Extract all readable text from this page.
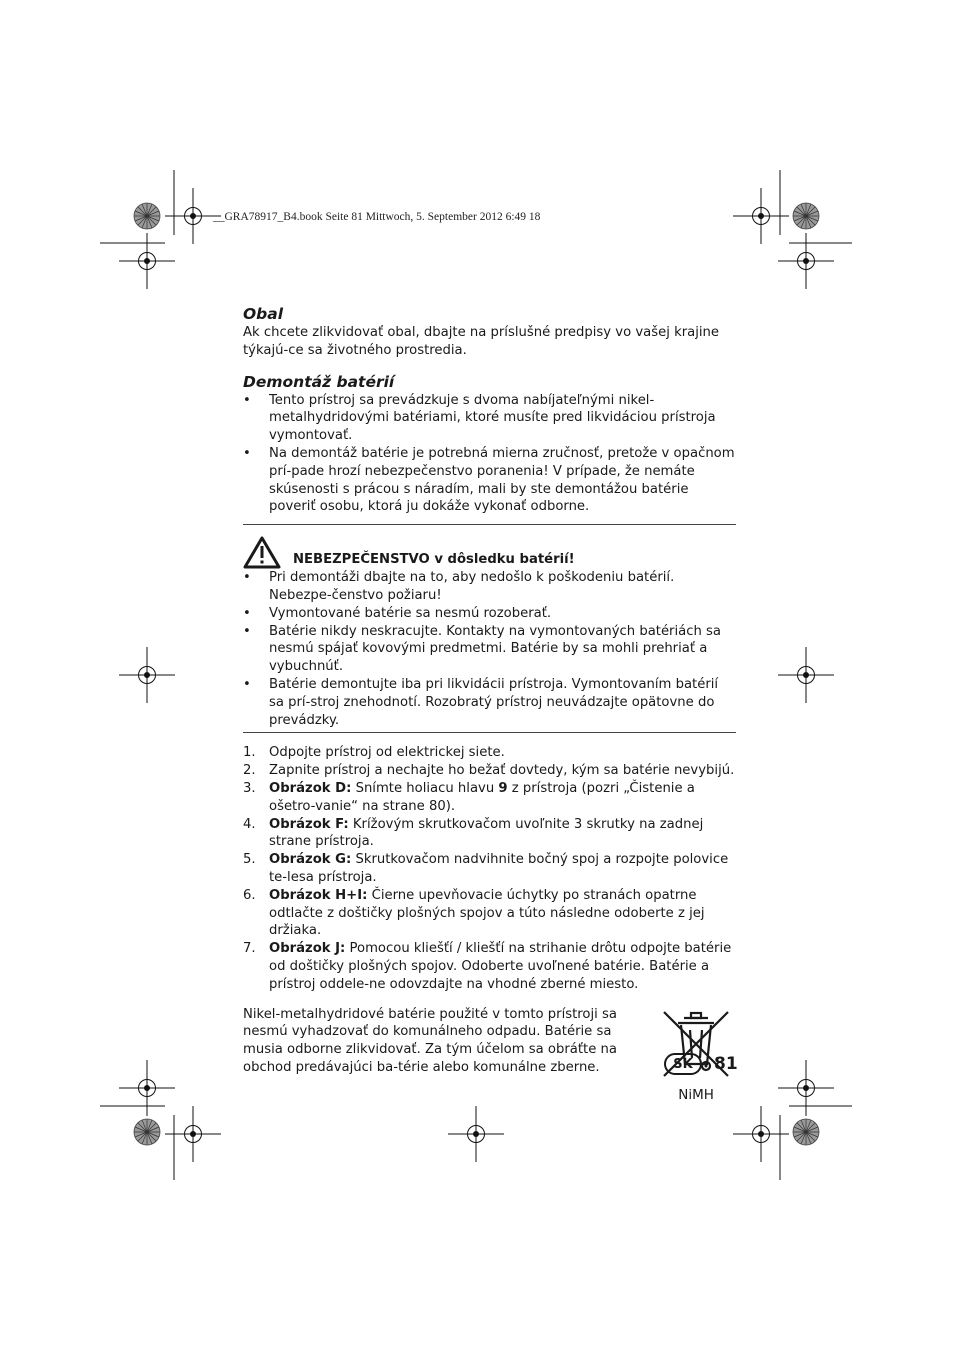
__GRA78917_B4.book Seite 81 Mittwoch, 5. September 2012 6:49 18
Obal

Ak chcete zlikvidovať obal, dbajte na príslušné predpisy vo vašej krajine týkajú-ce sa životného prostredia.

Demontáž batérií
• Tento prístroj sa prevádzkuje s dvoma nabíjateľnými nikel-metalhydridovými batériami, ktoré musíte pred likvidáciou prístroja vymontovať.
• Na demontáž batérie je potrebná mierna zručnosť, pretože v opačnom prí-pade hrozí nebezpečenstvo poranenia! V prípade, že nemáte skúsenosti s prácou s náradím, mali by ste demontážou batérie poveriť osobu, ktorá ju dokáže vykonať odborne.
NEBEZPEČENSTVO v dôsledku batérií!
• Pri demontáži dbajte na to, aby nedošlo k poškodeniu batérií. Nebezpe-čenstvo požiaru!
• Vymontované batérie sa nesmú rozoberať.
• Batérie nikdy neskracujte. Kontakty na vymontovaných batériách sa nesmú spájať kovovými predmetmi. Batérie by sa mohli prehriať a vybuchnúť.
• Batérie demontujte iba pri likvidácii prístroja. Vymontovaním batérií sa prí-stroj znehodnotí. Rozobratý prístroj neuvádzajte opätovne do prevádzky.
1. Odpojte prístroj od elektrickej siete.
2. Zapnite prístroj a nechajte ho bežať dovtedy, kým sa batérie nevybijú.
3. Obrázok D: Snímte holiacu hlavu 9 z prístroja (pozri „Čistenie a ošetro-vanie“ na strane 80).
4. Obrázok F: Krížovým skrutkovačom uvoľnite 3 skrutky na zadnej strane prístroja.
5. Obrázok G: Skrutkovačom nadvihnite bočný spoj a rozpojte polovice te-lesa prístroja.
6. Obrázok H+I: Čierne upevňovacie úchytky po stranách opatrne odtlačte z doštičky plošných spojov a túto následne odoberte z jej držiaka.
7. Obrázok J: Pomocou kliešťí / kliešťí na strihanie drôtu odpojte batérie od doštičky plošných spojov. Odoberte uvoľnené batérie. Batérie a prístroj oddele-ne odovzdajte na vhodné zberné miesto.

Nikel-metalhydridové batérie použité v tomto prístroji sa nesmú vyhadzovať do komunálneho odpadu. Batérie sa musia odborne zlikvidovať. Za tým účelom sa obráťte na obchod predávajúci ba-térie alebo komunálne zberne.

NiMH
SK	81
